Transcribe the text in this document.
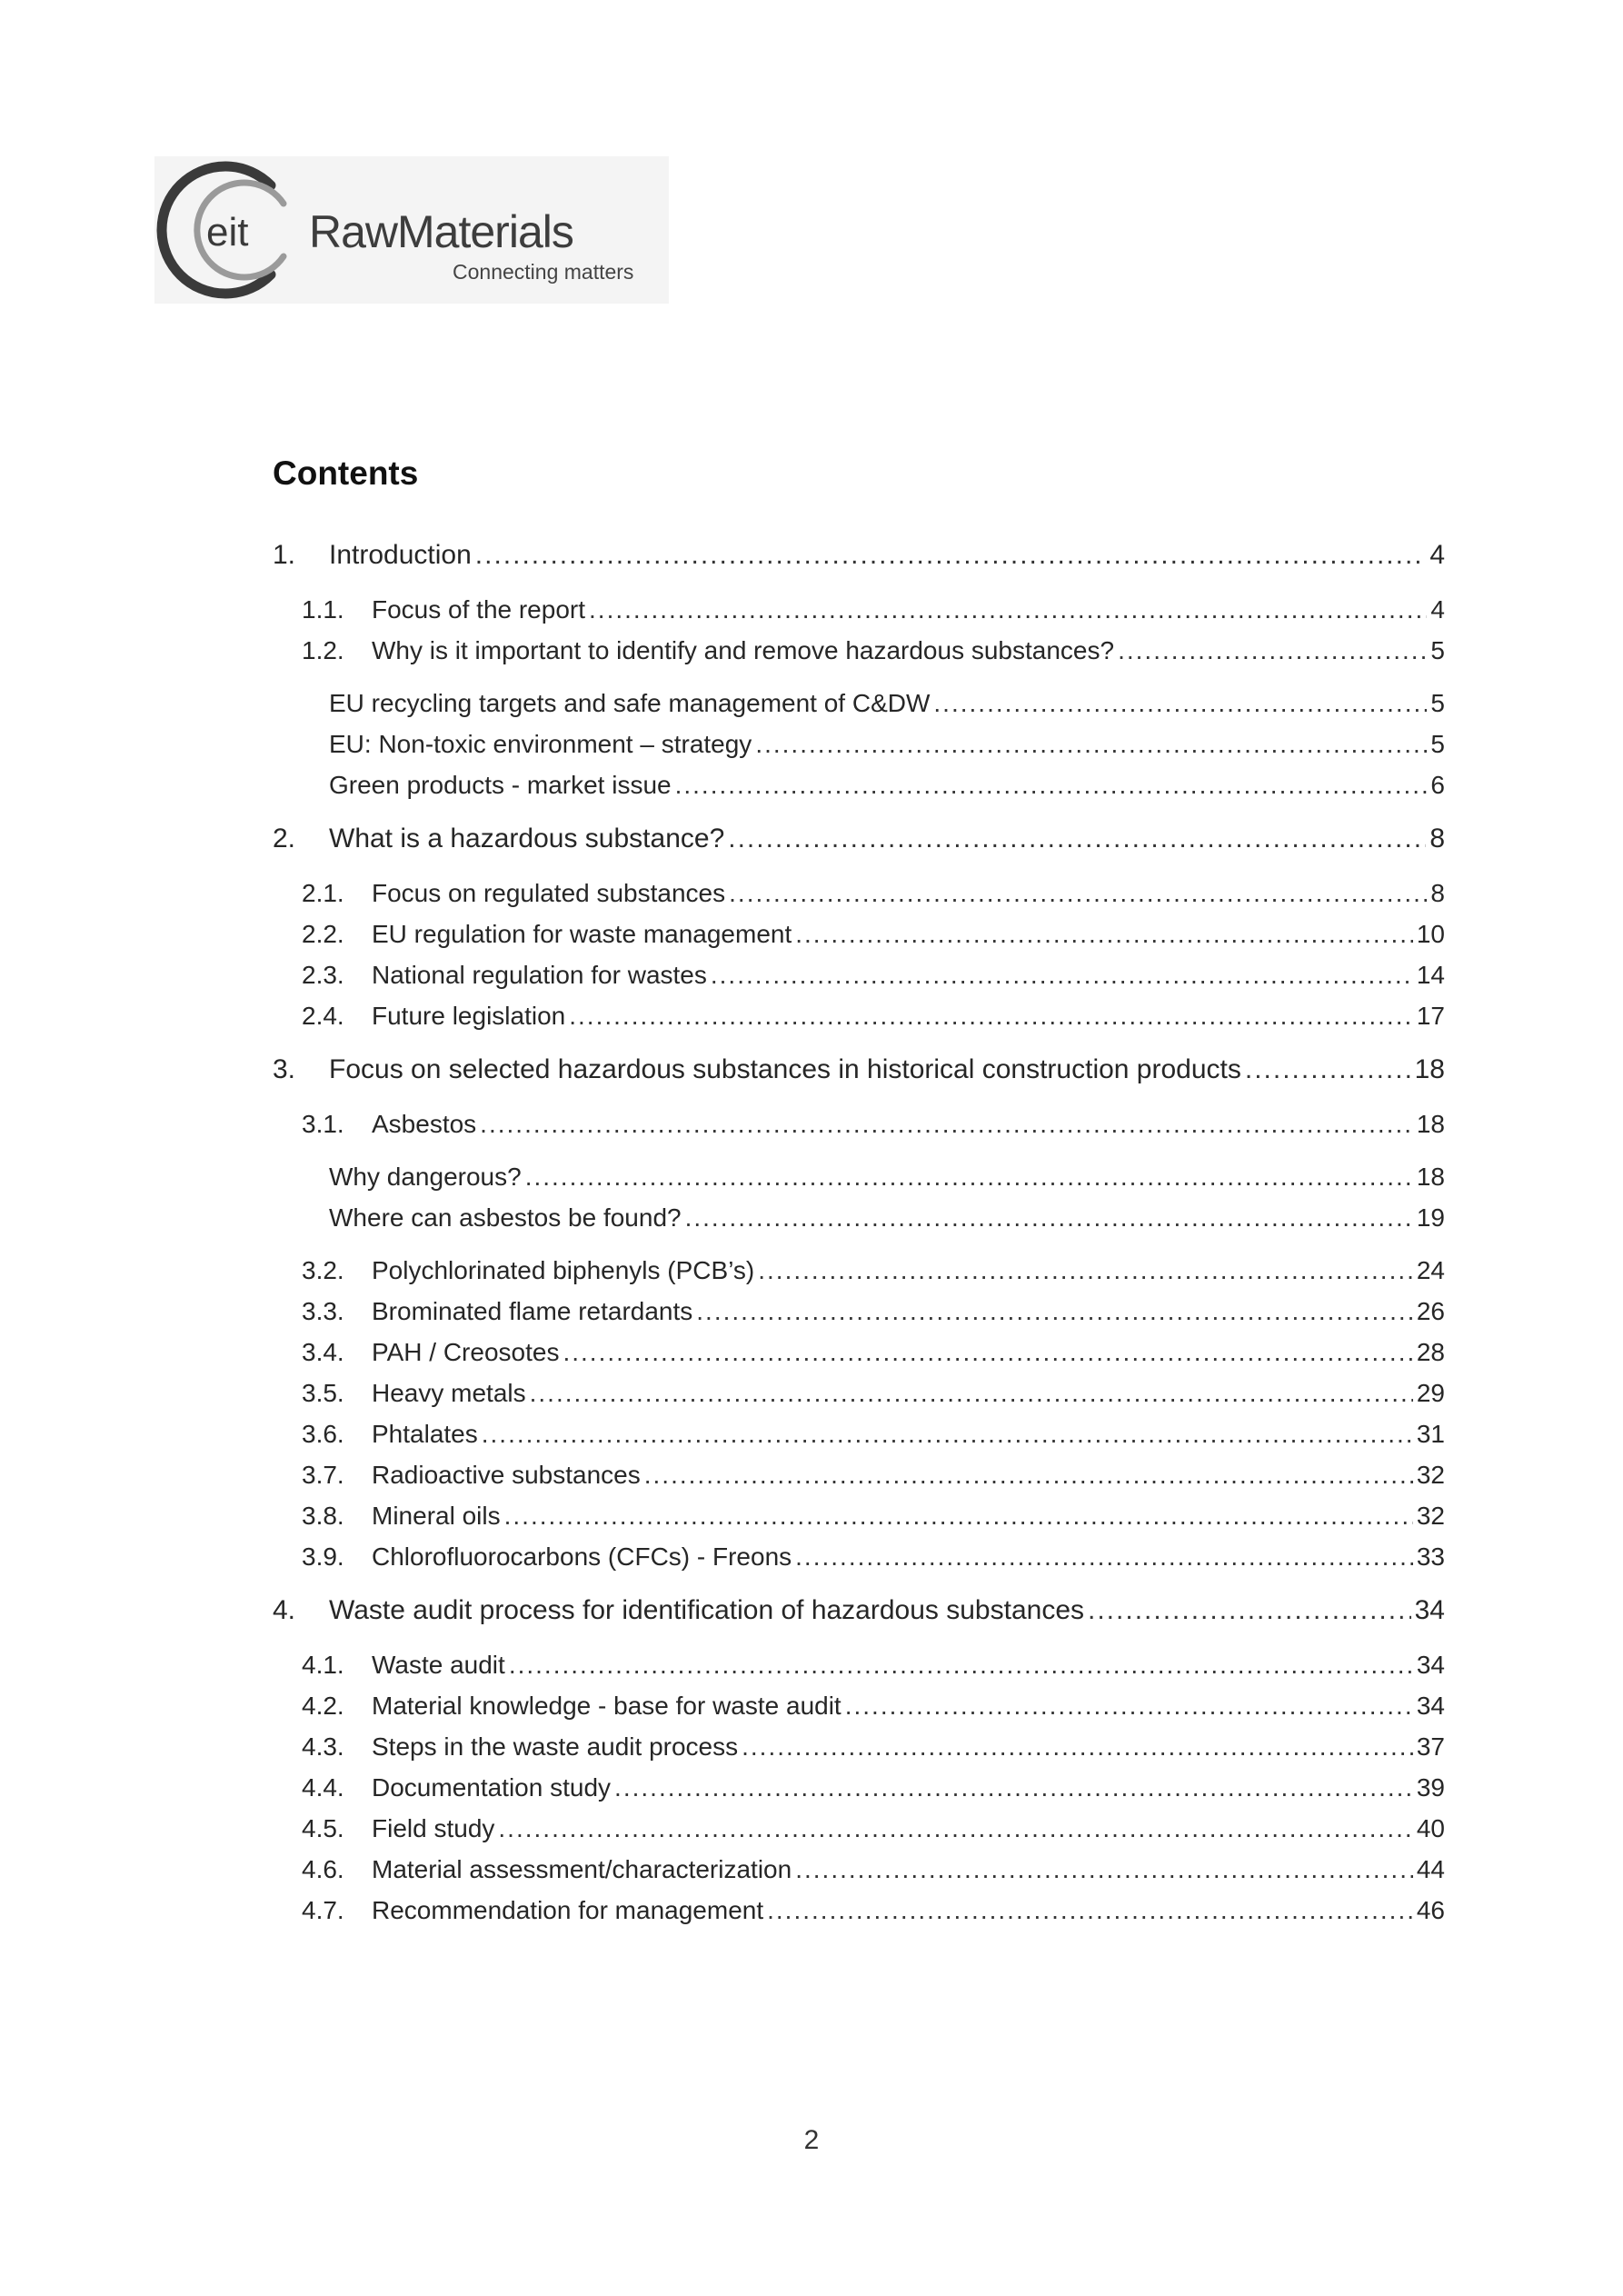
eit RawMaterials
Connecting matters
Contents
1.	Introduction .....	4
1.1.	Focus of the report .....	4
1.2.	Why is it important to identify and remove hazardous substances? .....	5
EU recycling targets and safe management of C&DW .....	5
EU: Non-toxic environment – strategy .....	5
Green products - market issue .....	6
2.	What is a hazardous substance? .....	8
2.1.	Focus on regulated substances .....	8
2.2.	EU regulation for waste management .....	10
2.3.	National regulation for wastes .....	14
2.4.	Future legislation .....	17
3.	Focus on selected hazardous substances in historical construction products .....	18
3.1.	Asbestos .....	18
Why dangerous? .....	18
Where can asbestos be found? .....	19
3.2.	Polychlorinated biphenyls (PCB’s) .....	24
3.3.	Brominated flame retardants .....	26
3.4.	PAH / Creosotes .....	28
3.5.	Heavy metals .....	29
3.6.	Phtalates .....	31
3.7.	Radioactive substances .....	32
3.8.	Mineral oils .....	32
3.9.	Chlorofluorocarbons (CFCs) - Freons .....	33
4.	Waste audit process for identification of hazardous substances .....	34
4.1.	Waste audit .....	34
4.2.	Material knowledge - base for waste audit .....	34
4.3.	Steps in the waste audit process .....	37
4.4.	Documentation study .....	39
4.5.	Field study .....	40
4.6.	Material assessment/characterization .....	44
4.7.	Recommendation for management .....	46
2
